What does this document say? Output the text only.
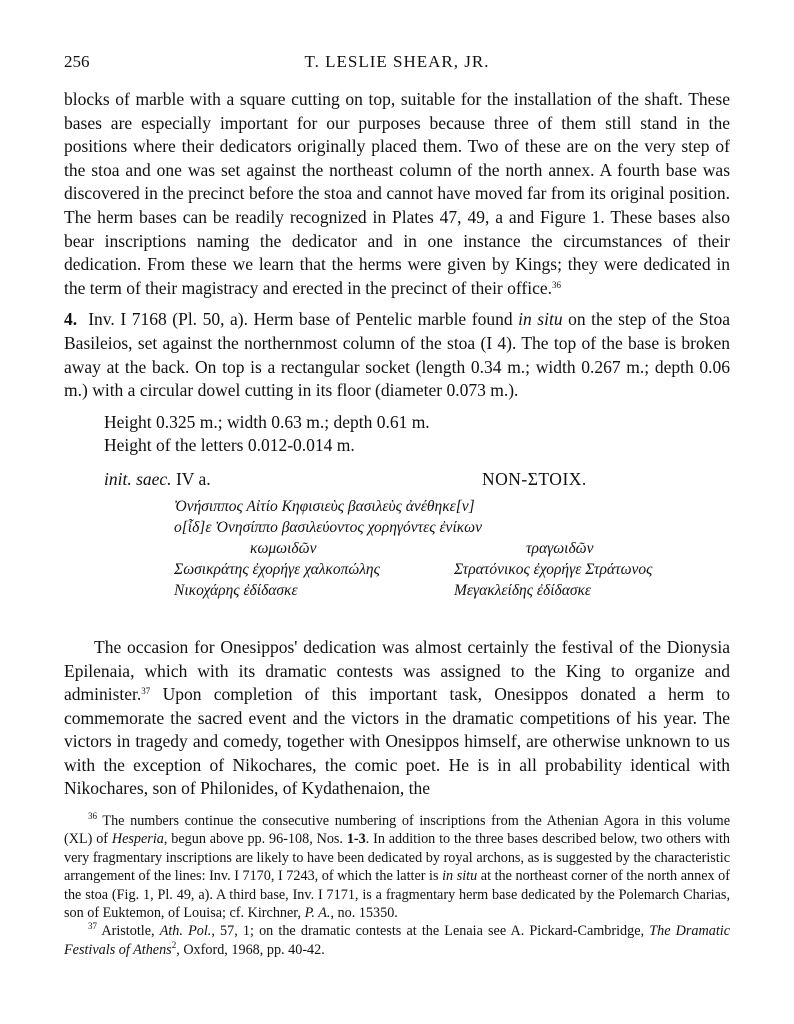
256	T. LESLIE SHEAR, JR.

blocks of marble with a square cutting on top, suitable for the installation of the shaft. These bases are especially important for our purposes because three of them still stand in the positions where their dedicators originally placed them. Two of these are on the very step of the stoa and one was set against the northeast column of the north annex. A fourth base was discovered in the precinct before the stoa and cannot have moved far from its original position. The herm bases can be readily recognized in Plates 47, 49, a and Figure 1. These bases also bear inscriptions naming the dedicator and in one instance the circumstances of their dedication. From these we learn that the herms were given by Kings; they were dedicated in the term of their magistracy and erected in the precinct of their office.$^{36}$

4. Inv. I 7168 (Pl. 50, a). Herm base of Pentelic marble found in situ on the step of the Stoa Basileios, set against the northernmost column of the stoa (I 4). The top of the base is broken away at the back. On top is a rectangular socket (length 0.34 m.; width 0.267 m.; depth 0.06 m.) with a circular dowel cutting in its floor (diameter 0.073 m.).

Height 0.325 m.; width 0.63 m.; depth 0.61 m.
Height of the letters 0.012-0.014 m.
init. saec. IV a.	NON-ΣΤΟΙΧ.
Ὀνήσιππος Αἰτίο Κηφισιεὺς βασιλεὺς ἀνέθηκε[ν]
ο[ἶδ]ε Ὀνησίππο βασιλεύοντος χορηγόντες ἐνίκων
κωμωιδῶν	τραγωιδῶν
Σωσικράτης ἐχορήγε χαλκοπώλης	Στρατόνικος ἐχορήγε Στράτωνος
Νικοχάρης ἐδίδασκε	Μεγακλείδης ἐδίδασκε

The occasion for Onesippos' dedication was almost certainly the festival of the Dionysia Epilenaia, which with its dramatic contests was assigned to the King to organize and administer.$^{37}$ Upon completion of this important task, Onesippos donated a herm to commemorate the sacred event and the victors in the dramatic competitions of his year. The victors in tragedy and comedy, together with Onesippos himself, are otherwise unknown to us with the exception of Nikochares, the comic poet. He is in all probability identical with Nikochares, son of Philonides, of Kydathenaion, the

$^{36}$ The numbers continue the consecutive numbering of inscriptions from the Athenian Agora in this volume (XL) of Hesperia, begun above pp. 96-108, Nos. 1-3. In addition to the three bases described below, two others with very fragmentary inscriptions are likely to have been dedicated by royal archons, as is suggested by the characteristic arrangement of the lines: Inv. I 7170, I 7243, of which the latter is in situ at the northeast corner of the north annex of the stoa (Fig. 1, Pl. 49, a). A third base, Inv. I 7171, is a fragmentary herm base dedicated by the Polemarch Charias, son of Euktemon, of Louisa; cf. Kirchner, P. A., no. 15350.

$^{37}$ Aristotle, Ath. Pol., 57, 1; on the dramatic contests at the Lenaia see A. Pickard-Cambridge, The Dramatic Festivals of Athens$^2$, Oxford, 1968, pp. 40-42.
